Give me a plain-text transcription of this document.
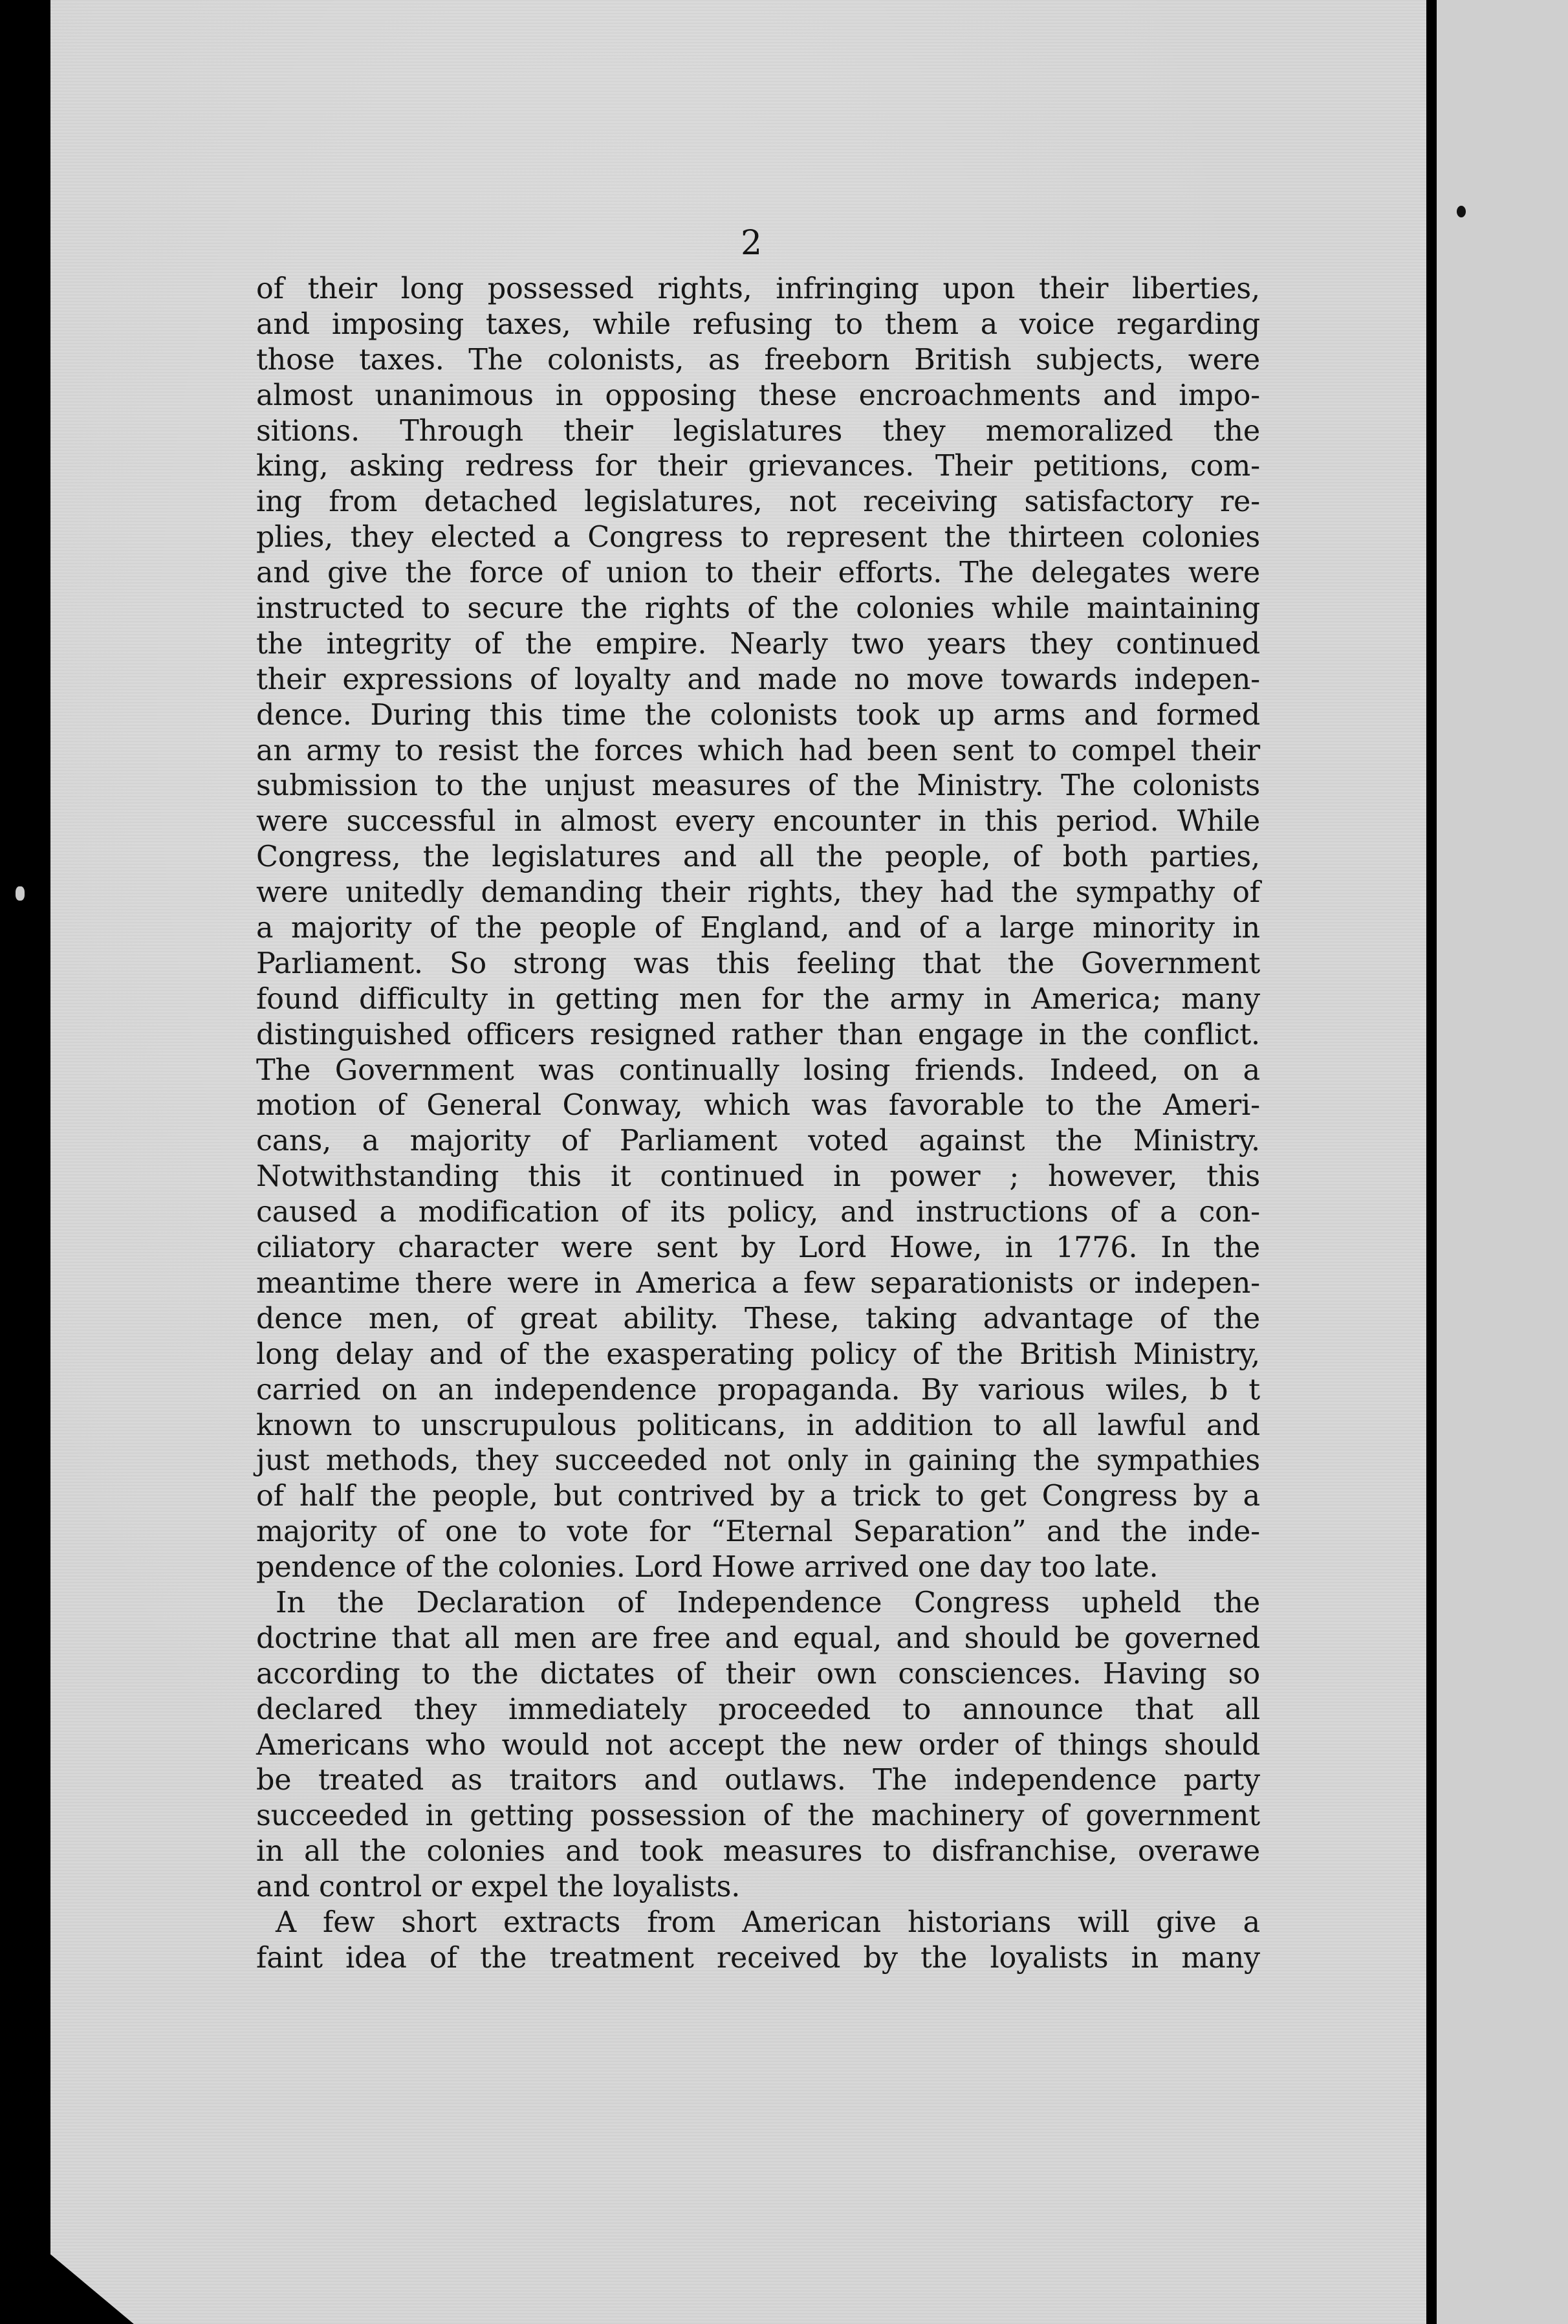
2
of their long possessed rights, infringing upon their liberties,
and imposing taxes, while refusing to them a voice regarding
those taxes. The colonists, as freeborn British subjects, were
almost unanimous in opposing these encroachments and impo-
sitions. Through their legislatures they memoralized the
king, asking redress for their grievances. Their petitions, com-
ing from detached legislatures, not receiving satisfactory re-
plies, they elected a Congress to represent the thirteen colonies
and give the force of union to their efforts. The delegates were
instructed to secure the rights of the colonies while maintaining
the integrity of the empire. Nearly two years they continued
their expressions of loyalty and made no move towards indepen-
dence. During this time the colonists took up arms and formed
an army to resist the forces which had been sent to compel their
submission to the unjust measures of the Ministry. The colonists
were successful in almost every encounter in this period. While
Congress, the legislatures and all the people, of both parties,
were unitedly demanding their rights, they had the sympathy of
a majority of the people of England, and of a large minority in
Parliament. So strong was this feeling that the Government
found difficulty in getting men for the army in America; many
distinguished officers resigned rather than engage in the conflict.
The Government was continually losing friends. Indeed, on a
motion of General Conway, which was favorable to the Ameri-
cans, a majority of Parliament voted against the Ministry.
Notwithstanding this it continued in power ; however, this
caused a modification of its policy, and instructions of a con-
ciliatory character were sent by Lord Howe, in 1776. In the
meantime there were in America a few separationists or indepen-
dence men, of great ability. These, taking advantage of the
long delay and of the exasperating policy of the British Ministry,
carried on an independence propaganda. By various wiles, b t
known to unscrupulous politicans, in addition to all lawful and
just methods, they succeeded not only in gaining the sympathies
of half the people, but contrived by a trick to get Congress by a
majority of one to vote for “Eternal Separation” and the inde-
pendence of the colonies. Lord Howe arrived one day too late.
In the Declaration of Independence Congress upheld the
doctrine that all men are free and equal, and should be governed
according to the dictates of their own consciences. Having so
declared they immediately proceeded to announce that all
Americans who would not accept the new order of things should
be treated as traitors and outlaws. The independence party
succeeded in getting possession of the machinery of government
in all the colonies and took measures to disfranchise, overawe
and control or expel the loyalists.
A few short extracts from American historians will give a
faint idea of the treatment received by the loyalists in many
